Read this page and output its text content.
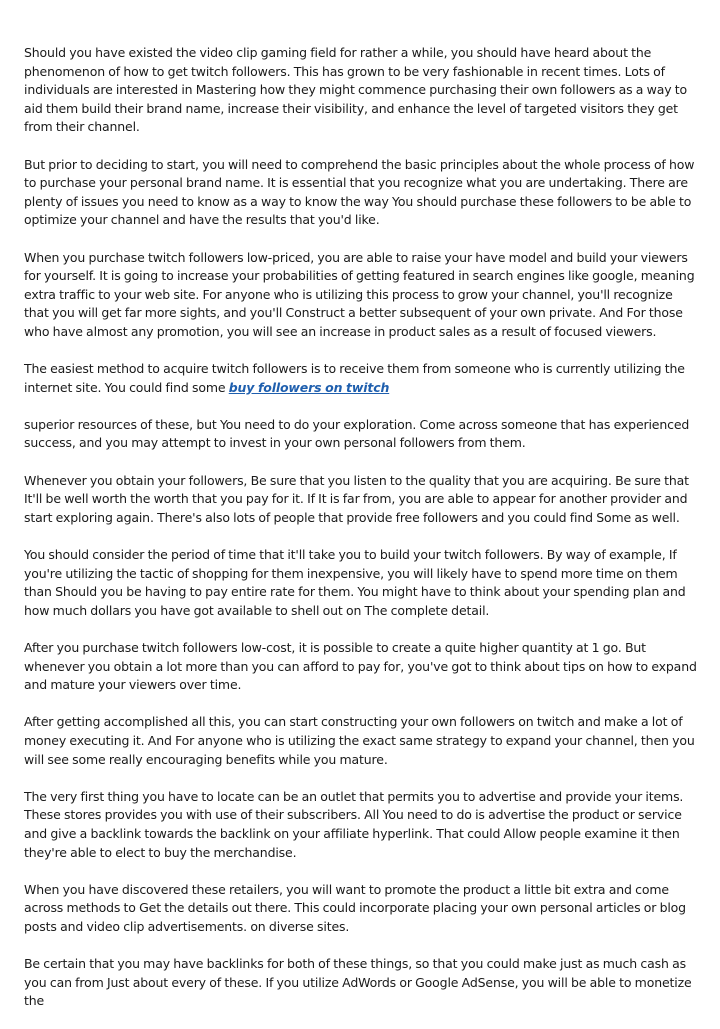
Should you have existed the video clip gaming field for rather a while, you should have heard about the phenomenon of how to get twitch followers. This has grown to be very fashionable in recent times. Lots of individuals are interested in Mastering how they might commence purchasing their own followers as a way to aid them build their brand name, increase their visibility, and enhance the level of targeted visitors they get from their channel.

But prior to deciding to start, you will need to comprehend the basic principles about the whole process of how to purchase your personal brand name. It is essential that you recognize what you are undertaking. There are plenty of issues you need to know as a way to know the way You should purchase these followers to be able to optimize your channel and have the results that you'd like.

When you purchase twitch followers low-priced, you are able to raise your have model and build your viewers for yourself. It is going to increase your probabilities of getting featured in search engines like google, meaning extra traffic to your web site. For anyone who is utilizing this process to grow your channel, you'll recognize that you will get far more sights, and you'll Construct a better subsequent of your own private. And For those who have almost any promotion, you will see an increase in product sales as a result of focused viewers.

The easiest method to acquire twitch followers is to receive them from someone who is currently utilizing the internet site. You could find some buy followers on twitch

superior resources of these, but You need to do your exploration. Come across someone that has experienced success, and you may attempt to invest in your own personal followers from them.

Whenever you obtain your followers, Be sure that you listen to the quality that you are acquiring. Be sure that It'll be well worth the worth that you pay for it. If It is far from, you are able to appear for another provider and start exploring again. There's also lots of people that provide free followers and you could find Some as well.

You should consider the period of time that it'll take you to build your twitch followers. By way of example, If you're utilizing the tactic of shopping for them inexpensive, you will likely have to spend more time on them than Should you be having to pay entire rate for them. You might have to think about your spending plan and how much dollars you have got available to shell out on The complete detail.

After you purchase twitch followers low-cost, it is possible to create a quite higher quantity at 1 go. But whenever you obtain a lot more than you can afford to pay for, you've got to think about tips on how to expand and mature your viewers over time.

After getting accomplished all this, you can start constructing your own followers on twitch and make a lot of money executing it. And For anyone who is utilizing the exact same strategy to expand your channel, then you will see some really encouraging benefits while you mature.

The very first thing you have to locate can be an outlet that permits you to advertise and provide your items. These stores provides you with use of their subscribers. All You need to do is advertise the product or service and give a backlink towards the backlink on your affiliate hyperlink. That could Allow people examine it then they're able to elect to buy the merchandise.

When you have discovered these retailers, you will want to promote the product a little bit extra and come across methods to Get the details out there. This could incorporate placing your own personal articles or blog posts and video clip advertisements. on diverse sites.

Be certain that you may have backlinks for both of these things, so that you could make just as much cash as you can from Just about every of these. If you utilize AdWords or Google AdSense, you will be able to monetize the
